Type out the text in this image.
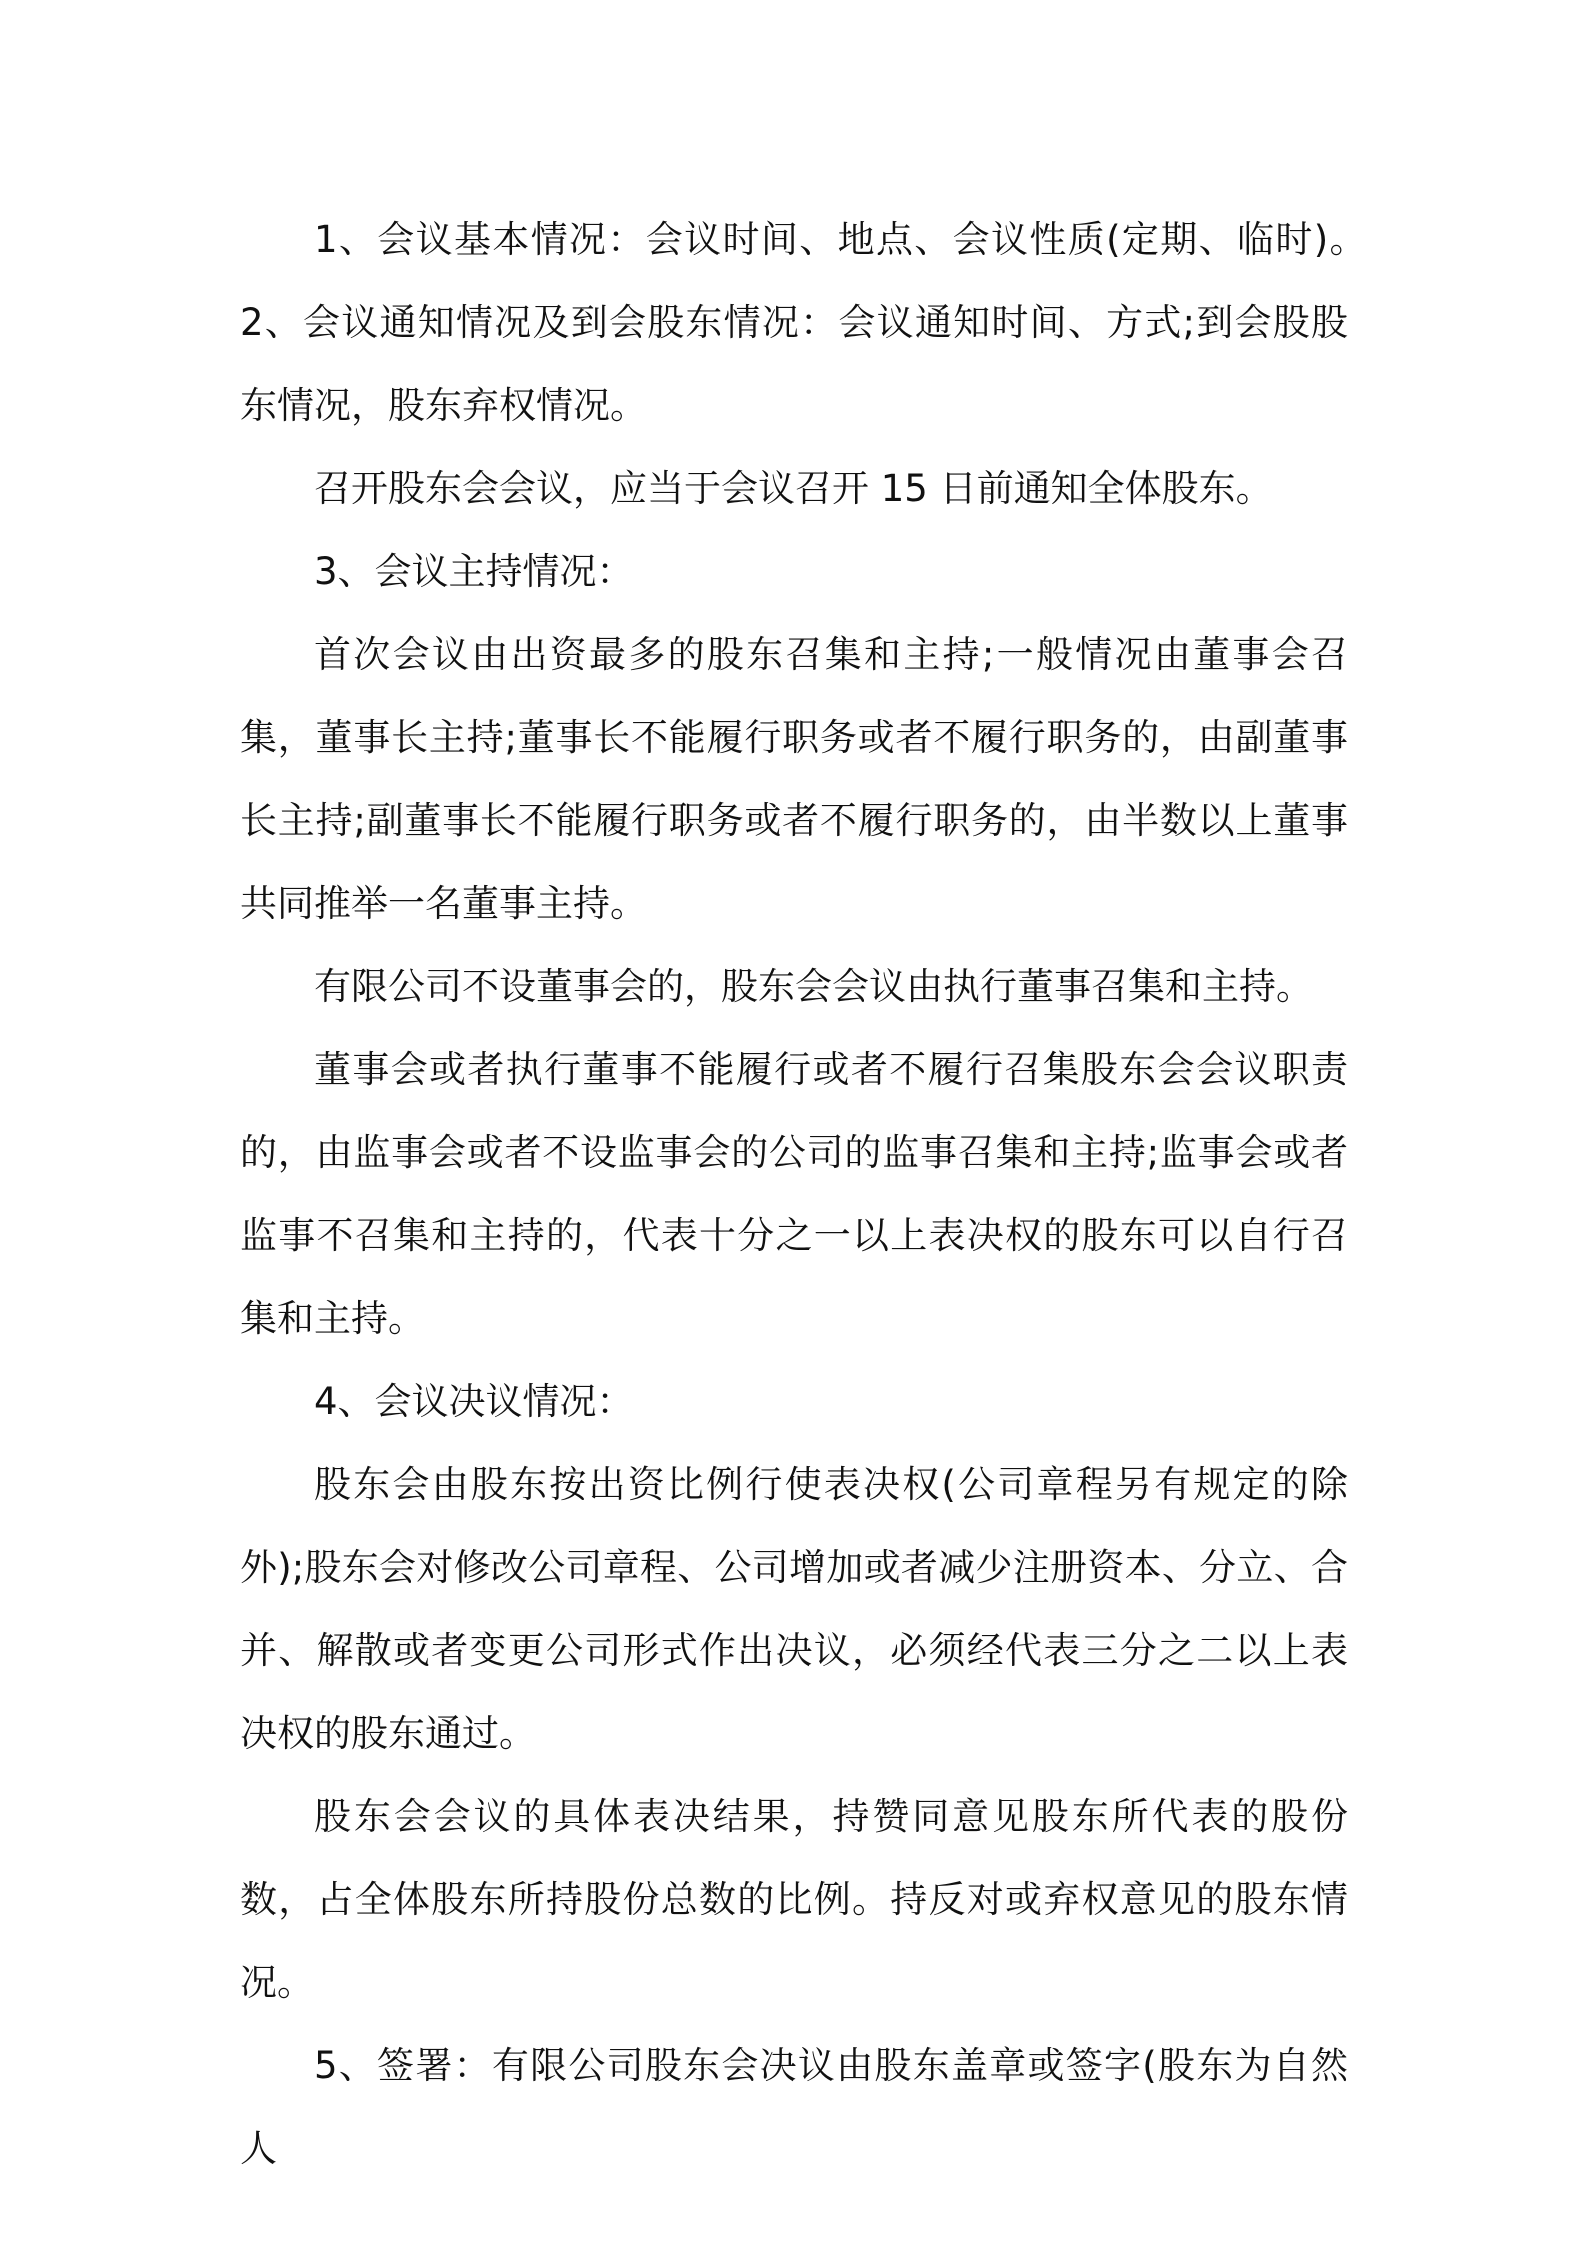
1、会议基本情况：会议时间、地点、会议性质(定期、临时)。　 2、会议通知情况及到会股东情况：会议通知时间、方式;到会股股东情况，股东弃权情况。

召开股东会会议，应当于会议召开 15 日前通知全体股东。

3、会议主持情况：

首次会议由出资最多的股东召集和主持;一般情况由董事会召集，董事长主持;董事长不能履行职务或者不履行职务的，由副董事长主持;副董事长不能履行职务或者不履行职务的，由半数以上董事共同推举一名董事主持。

有限公司不设董事会的，股东会会议由执行董事召集和主持。

董事会或者执行董事不能履行或者不履行召集股东会会议职责的，由监事会或者不设监事会的公司的监事召集和主持;监事会或者监事不召集和主持的，代表十分之一以上表决权的股东可以自行召集和主持。

4、会议决议情况：

股东会由股东按出资比例行使表决权(公司章程另有规定的除外);股东会对修改公司章程、公司增加或者减少注册资本、分立、合并、解散或者变更公司形式作出决议，必须经代表三分之二以上表决权的股东通过。

股东会会议的具体表决结果，持赞同意见股东所代表的股份数，占全体股东所持股份总数的比例。持反对或弃权意见的股东情况。

5、签署：有限公司股东会决议由股东盖章或签字(股东为自然人
